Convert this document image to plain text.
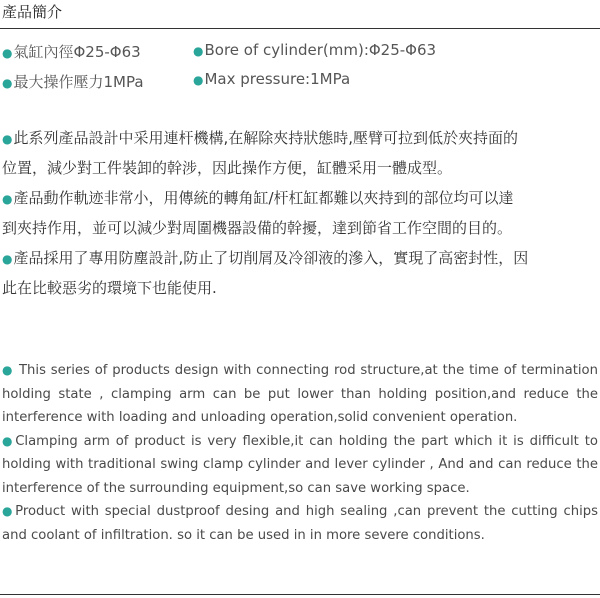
產品簡介
●氣缸內徑Φ25-Φ63
●最大操作壓力1MPa
●Bore of cylinder(mm):Φ25-Φ63
●Max pressure:1MPa
●此系列產品設計中采用連杆機構,在解除夾持狀態時,壓臂可拉到低於夾持面的
位置，減少對工件裝卸的幹涉，因此操作方便，缸體采用一體成型。
●產品動作軌迹非常小，用傳統的轉角缸/杆杠缸都難以夾持到的部位均可以達
到夾持作用，並可以減少對周圍機器設備的幹擾，達到節省工作空間的目的。
●產品採用了專用防塵設計,防止了切削屑及冷卻液的滲入，實現了高密封性，因
此在比較惡劣的環境下也能使用.

● This series of products design with connecting rod structure,at the time of termination holding state , clamping arm can be put lower than holding position,and reduce the interference with loading and unloading operation,solid convenient operation.

●Clamping arm of product is very flexible,it can holding the part which it is difficult to holding with traditional swing clamp cylinder and lever cylinder , And and can reduce the interference of the surrounding equipment,so can save working space.

●Product with special dustproof desing and high sealing ,can prevent the cutting chips and coolant of infiltration. so it can be used in in more severe conditions.
